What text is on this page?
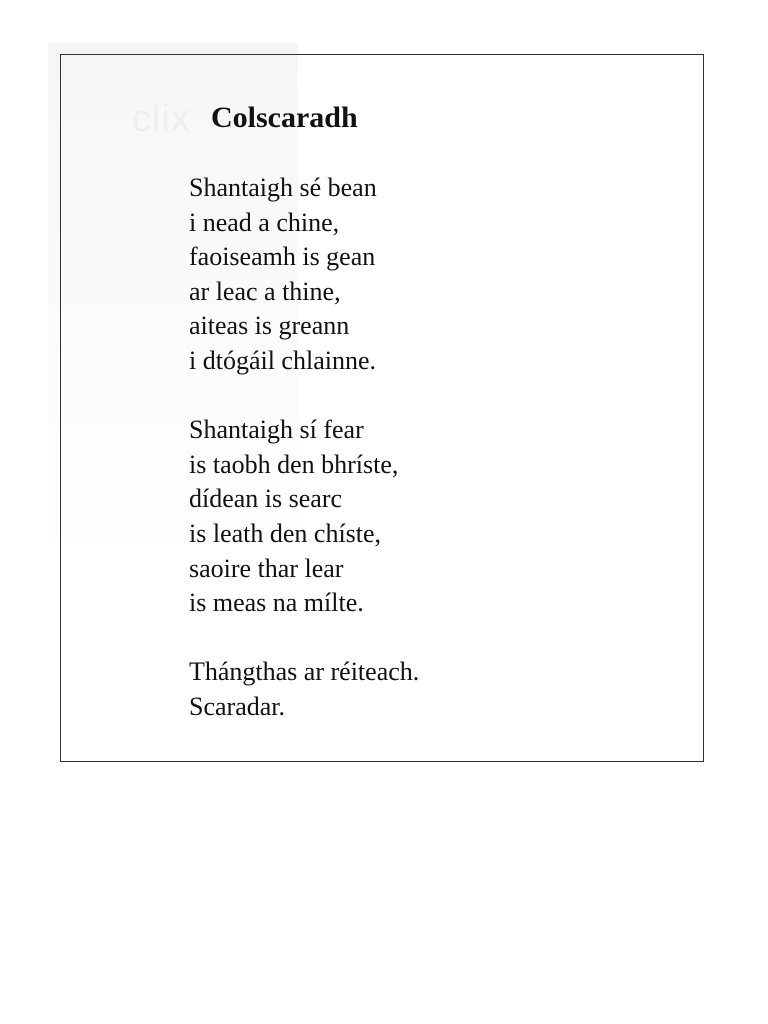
clix Colscaradh
Shantaigh sé bean
i nead a chine,
faoiseamh is gean
ar leac a thine,
aiteas is greann
i dtógáil chlainne.
Shantaigh sí fear
is taobh den bhríste,
dídean is searc
is leath den chíste,
saoire thar lear
is meas na mílte.
Thángthas ar réiteach.
Scaradar.
